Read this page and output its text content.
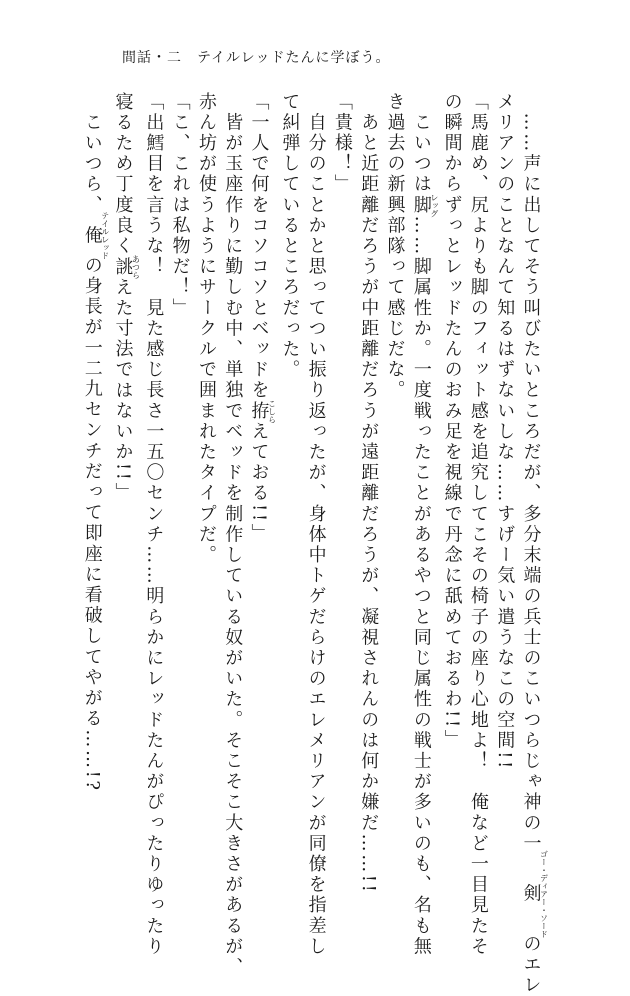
間話・二　テイルレッドたんに学ぼう。
　……声に出してそう叫びたいところだが、多分末端の兵士のこいつらじゃ神の一剣ゴー・ディアー・ソードのエレ
メリアンのことなんて知るはずないしな……すげー気い遣うなこの空間!!
「馬鹿め、尻よりも脚のフィット感を追究してこその椅子の座り心地よ！　俺など一目見たそ
の瞬間からずっとレッドたんのおみ足を視線で丹念に舐めておるわ!!」
　こいつは脚レッグ……脚属性か。一度戦ったことがあるやつと同じ属性の戦士が多いのも、名も無
き過去の新興部隊って感じだな。
　あと近距離だろうが中距離だろうが遠距離だろうが、凝視されんのは何か嫌だ……!!
「貴様！」
　自分のことかと思ってつい振り返ったが、身体中トゲだらけのエレメリアンが同僚を指差し
て糾弾しているところだった。
「一人で何をコソコソとベッドを拵こしらえておる!!」
　皆が玉座作りに勤しむ中、単独でベッドを制作している奴がいた。そこそこ大きさがあるが、
赤ん坊が使うようにサークルで囲まれたタイプだ。
「こ、これは私物だ！」
「出鱈目を言うな！　見た感じ長さ一五〇センチ……明らかにレッドたんがぴったりゆったり
寝るため丁度良く誂あつらえた寸法ではないか!!」
　こいつら、俺テイルレッドの身長が一二九センチだって即座に看破してやがる……!?
